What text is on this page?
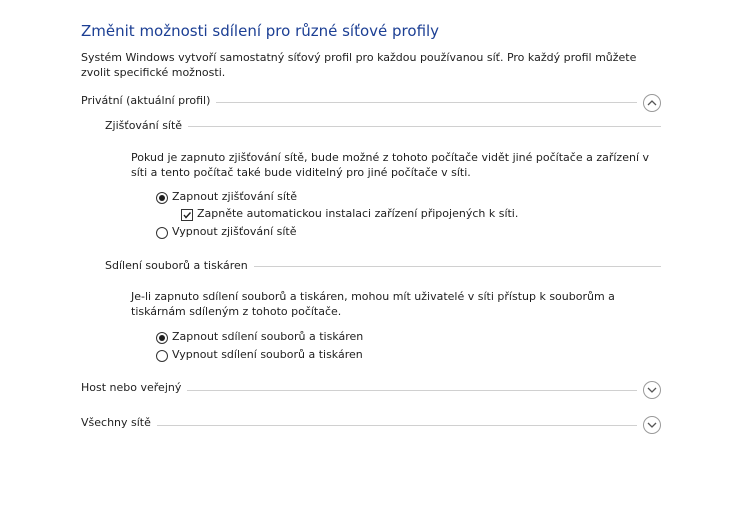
Změnit možnosti sdílení pro různé síťové profily
Systém Windows vytvoří samostatný síťový profil pro každou používanou síť. Pro každý profil můžete zvolit specifické možnosti.
Privátní (aktuální profil)
Zjišťování sítě
Pokud je zapnuto zjišťování sítě, bude možné z tohoto počítače vidět jiné počítače a zařízení v síti a tento počítač také bude viditelný pro jiné počítače v síti.
Zapnout zjišťování sítě
Zapněte automatickou instalaci zařízení připojených k síti.
Vypnout zjišťování sítě
Sdílení souborů a tiskáren
Je-li zapnuto sdílení souborů a tiskáren, mohou mít uživatelé v síti přístup k souborům a tiskárnám sdíleným z tohoto počítače.
Zapnout sdílení souborů a tiskáren
Vypnout sdílení souborů a tiskáren
Host nebo veřejný
Všechny sítě
